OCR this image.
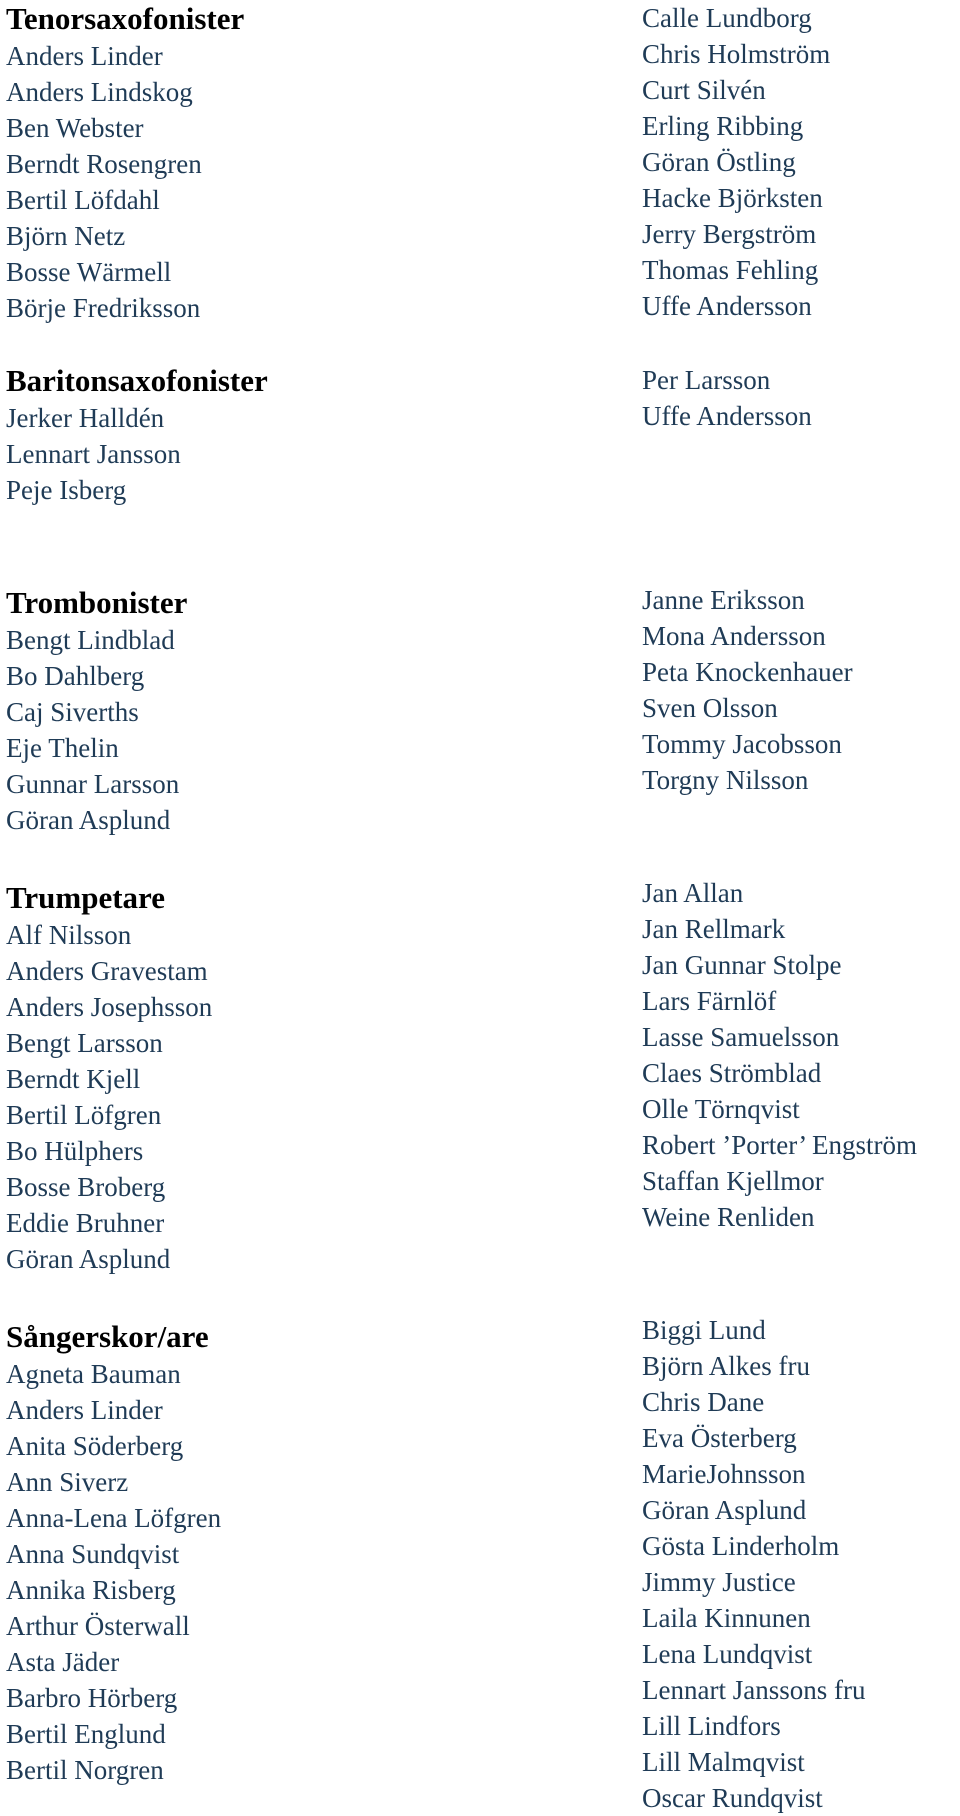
Tenorsaxofonister
Anders Linder
Anders Lindskog
Ben Webster
Berndt Rosengren
Bertil Löfdahl
Björn Netz
Bosse Wärmell
Börje Fredriksson
Calle Lundborg
Chris Holmström
Curt Silvén
Erling Ribbing
Göran Östling
Hacke Björksten
Jerry Bergström
Thomas Fehling
Uffe Andersson
Baritonsaxofonister
Jerker Halldén
Lennart Jansson
Peje Isberg
Per Larsson
Uffe Andersson
Trombonister
Bengt Lindblad
Bo Dahlberg
Caj Siverths
Eje Thelin
Gunnar Larsson
Göran Asplund
Janne Eriksson
Mona Andersson
Peta Knockenhauer
Sven Olsson
Tommy Jacobsson
Torgny Nilsson
Trumpetare
Alf Nilsson
Anders Gravestam
Anders Josephsson
Bengt Larsson
Berndt Kjell
Bertil Löfgren
Bo Hülphers
Bosse Broberg
Eddie Bruhner
Göran Asplund
Jan Allan
Jan Rellmark
Jan Gunnar Stolpe
Lars Färnlöf
Lasse Samuelsson
Claes Strömblad
Olle Törnqvist
Robert ’Porter’ Engström
Staffan Kjellmor
Weine Renliden
Sångerskor/are
Agneta Bauman
Anders Linder
Anita Söderberg
Ann Siverz
Anna-Lena Löfgren
Anna Sundqvist
Annika Risberg
Arthur Österwall
Asta Jäder
Barbro Hörberg
Bertil Englund
Bertil Norgren
Biggi Lund
Björn Alkes fru
Chris Dane
Eva Österberg
MarieJohnsson
Göran Asplund
Gösta Linderholm
Jimmy Justice
Laila Kinnunen
Lena Lundqvist
Lennart Janssons fru
Lill Lindfors
Lill Malmqvist
Oscar Rundqvist
